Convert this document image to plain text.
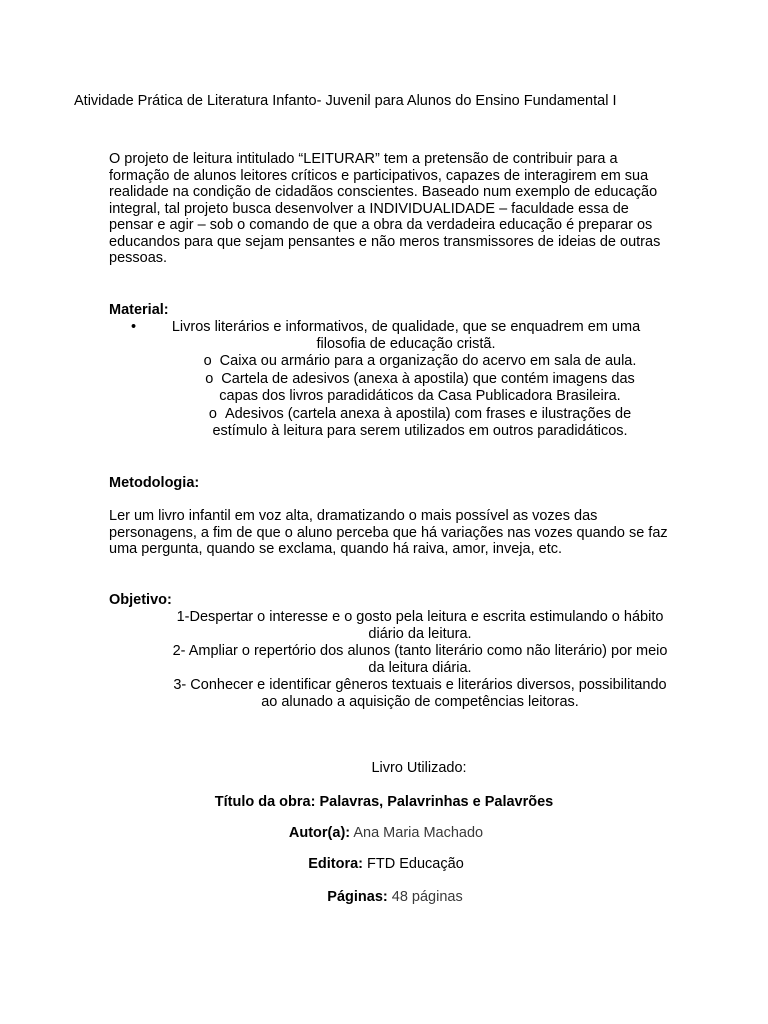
Atividade Prática de Literatura Infanto- Juvenil para Alunos do Ensino Fundamental I

O projeto de leitura intitulado “LEITURAR” tem a pretensão de contribuir para a formação de alunos leitores críticos e participativos, capazes de interagirem em sua realidade na condição de cidadãos conscientes. Baseado num exemplo de educação integral, tal projeto busca desenvolver a INDIVIDUALIDADE – faculdade essa de pensar e agir – sob o comando de que a obra da verdadeira educação é preparar os educandos para que sejam pensantes e não meros transmissores de ideias de outras pessoas.

Material:

•	Livros literários e informativos, de qualidade, que se enquadrem em uma filosofia de educação cristã.
o Caixa ou armário para a organização do acervo em sala de aula.
o Cartela de adesivos (anexa à apostila) que contém imagens das
capas dos livros paradidáticos da Casa Publicadora Brasileira.
o Adesivos (cartela anexa à apostila) com frases e ilustrações de
estímulo à leitura para serem utilizados em outros paradidáticos.

Metodologia:

Ler um livro infantil em voz alta, dramatizando o mais possível as vozes das personagens, a fim de que o aluno perceba que há variações nas vozes quando se faz uma pergunta, quando se exclama, quando há raiva, amor, inveja, etc.

Objetivo:

1-Despertar o interesse e o gosto pela leitura e escrita estimulando o hábito diário da leitura.
2- Ampliar o repertório dos alunos (tanto literário como não literário) por meio da leitura diária.
3- Conhecer e identificar gêneros textuais e literários diversos, possibilitando ao alunado a aquisição de competências leitoras.
Livro Utilizado:
Título da obra: Palavras, Palavrinhas e Palavrões
Autor(a): Ana Maria Machado
Editora: FTD Educação
Páginas: 48 páginas
